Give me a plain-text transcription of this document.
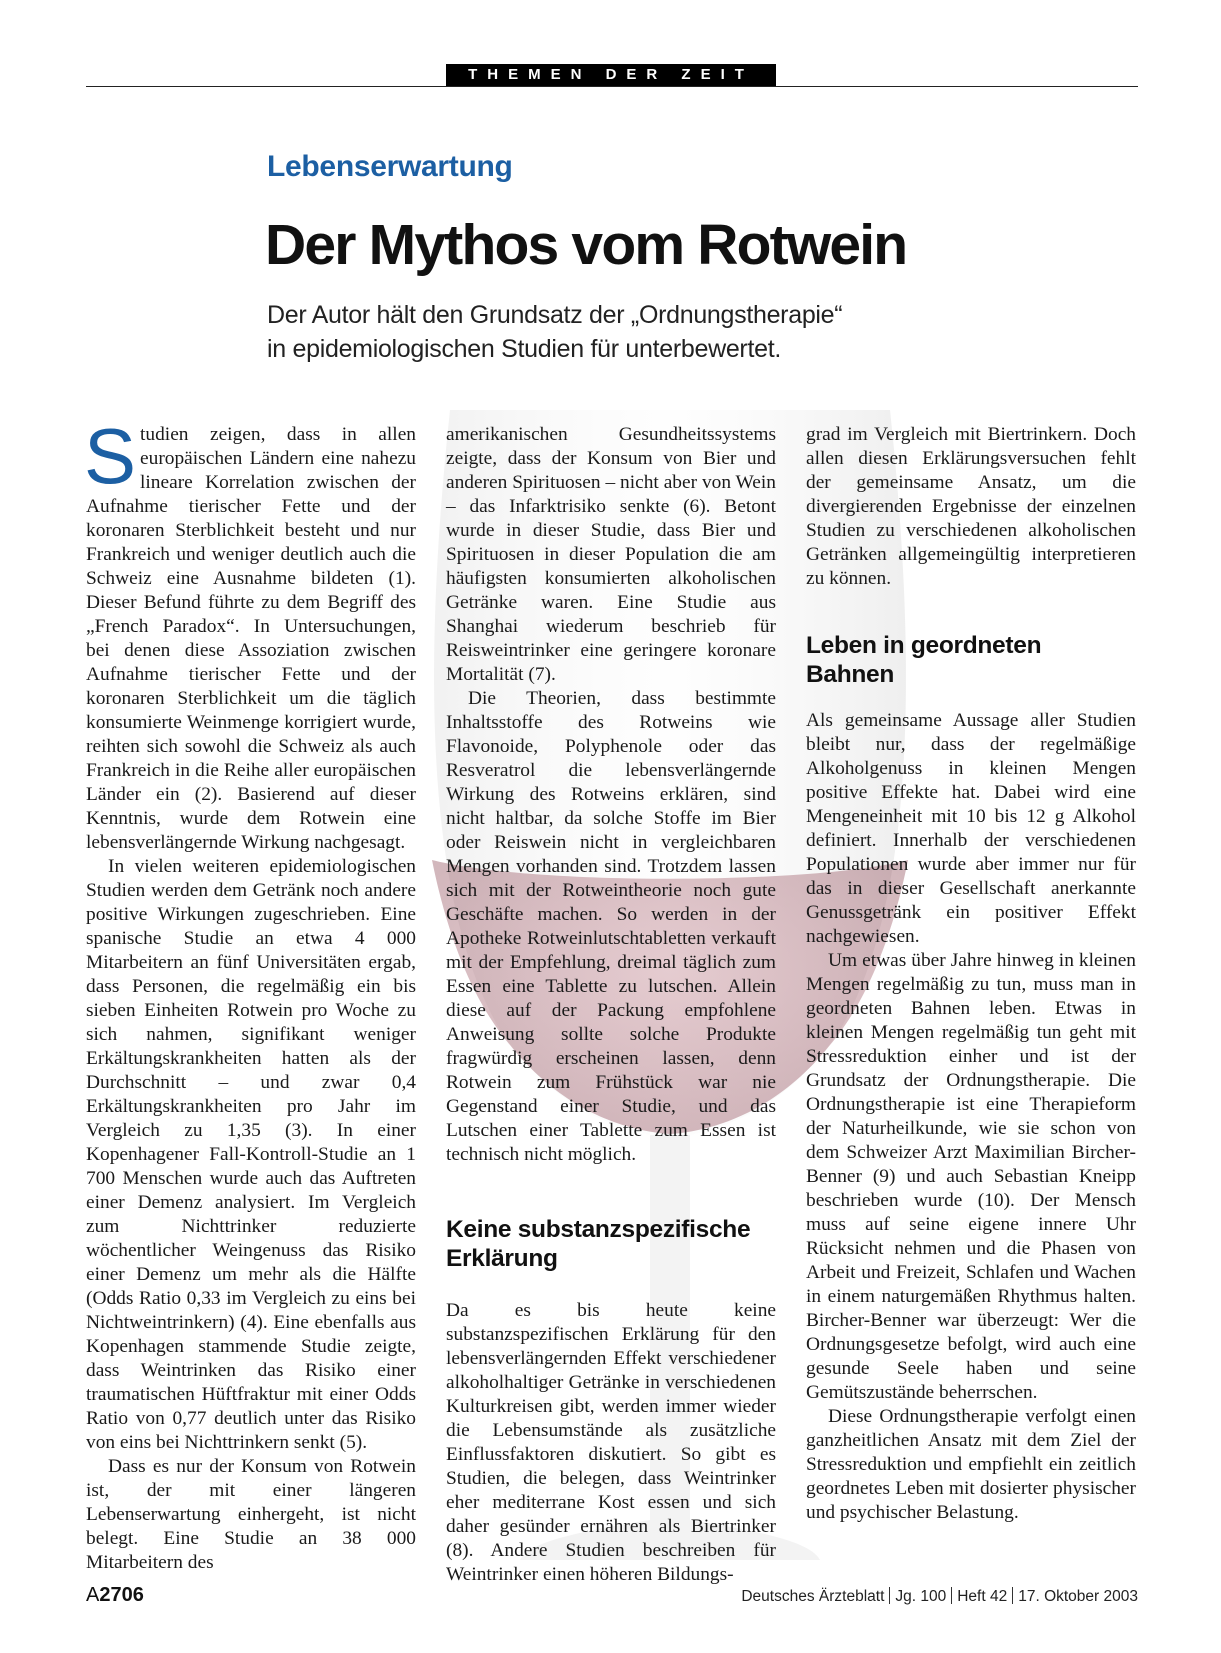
THEMEN DER ZEIT
Lebenserwartung
Der Mythos vom Rotwein
Der Autor hält den Grundsatz der „Ordnungstherapie“
in epidemiologischen Studien für unterbewertet.

Studien zeigen, dass in allen europäischen Ländern eine nahezu lineare Korrelation zwischen der Aufnahme tierischer Fette und der koronaren Sterblichkeit besteht und nur Frankreich und weniger deutlich auch die Schweiz eine Ausnahme bildeten (1). Dieser Befund führte zu dem Begriff des „French Paradox“. In Untersuchungen, bei denen diese Assoziation zwischen Aufnahme tierischer Fette und der koronaren Sterblichkeit um die täglich konsumierte Weinmenge korrigiert wurde, reihten sich sowohl die Schweiz als auch Frankreich in die Reihe aller europäischen Länder ein (2). Basierend auf dieser Kenntnis, wurde dem Rotwein eine lebensverlängernde Wirkung nachgesagt.

In vielen weiteren epidemiologischen Studien werden dem Getränk noch andere positive Wirkungen zugeschrieben. Eine spanische Studie an etwa 4 000 Mitarbeitern an fünf Universitäten ergab, dass Personen, die regelmäßig ein bis sieben Einheiten Rotwein pro Woche zu sich nahmen, signifikant weniger Erkältungskrankheiten hatten als der Durchschnitt – und zwar 0,4 Erkältungskrankheiten pro Jahr im Vergleich zu 1,35 (3). In einer Kopenhagener Fall-Kontroll-Studie an 1 700 Menschen wurde auch das Auftreten einer Demenz analysiert. Im Vergleich zum Nichttrinker reduzierte wöchentlicher Weingenuss das Risiko einer Demenz um mehr als die Hälfte (Odds Ratio 0,33 im Vergleich zu eins bei Nichtweintrinkern) (4). Eine ebenfalls aus Kopenhagen stammende Studie zeigte, dass Weintrinken das Risiko einer traumatischen Hüftfraktur mit einer Odds Ratio von 0,77 deutlich unter das Risiko von eins bei Nichttrinkern senkt (5).

Dass es nur der Konsum von Rotwein ist, der mit einer längeren Lebenserwartung einhergeht, ist nicht belegt. Eine Studie an 38 000 Mitarbeitern des

amerikanischen Gesundheitssystems zeigte, dass der Konsum von Bier und anderen Spirituosen – nicht aber von Wein – das Infarktrisiko senkte (6). Betont wurde in dieser Studie, dass Bier und Spirituosen in dieser Population die am häufigsten konsumierten alkoholischen Getränke waren. Eine Studie aus Shanghai wiederum beschrieb für Reisweintrinker eine geringere koronare Mortalität (7).

Die Theorien, dass bestimmte Inhaltsstoffe des Rotweins wie Flavonoide, Polyphenole oder das Resveratrol die lebensverlängernde Wirkung des Rotweins erklären, sind nicht haltbar, da solche Stoffe im Bier oder Reiswein nicht in vergleichbaren Mengen vorhanden sind. Trotzdem lassen sich mit der Rotweintheorie noch gute Geschäfte machen. So werden in der Apotheke Rotweinlutschtabletten verkauft mit der Empfehlung, dreimal täglich zum Essen eine Tablette zu lutschen. Allein diese auf der Packung empfohlene Anweisung sollte solche Produkte fragwürdig erscheinen lassen, denn Rotwein zum Frühstück war nie Gegenstand einer Studie, und das Lutschen einer Tablette zum Essen ist technisch nicht möglich.

Keine substanzspezifische Erklärung

Da es bis heute keine substanzspezifischen Erklärung für den lebensverlängernden Effekt verschiedener alkoholhaltiger Getränke in verschiedenen Kulturkreisen gibt, werden immer wieder die Lebensumstände als zusätzliche Einflussfaktoren diskutiert. So gibt es Studien, die belegen, dass Weintrinker eher mediterrane Kost essen und sich daher gesünder ernähren als Biertrinker (8). Andere Studien beschreiben für Weintrinker einen höheren Bildungs-

grad im Vergleich mit Biertrinkern. Doch allen diesen Erklärungsversuchen fehlt der gemeinsame Ansatz, um die divergierenden Ergebnisse der einzelnen Studien zu verschiedenen alkoholischen Getränken allgemeingültig interpretieren zu können.

Leben in geordneten Bahnen

Als gemeinsame Aussage aller Studien bleibt nur, dass der regelmäßige Alkoholgenuss in kleinen Mengen positive Effekte hat. Dabei wird eine Mengeneinheit mit 10 bis 12 g Alkohol definiert. Innerhalb der verschiedenen Populationen wurde aber immer nur für das in dieser Gesellschaft anerkannte Genussgetränk ein positiver Effekt nachgewiesen.

Um etwas über Jahre hinweg in kleinen Mengen regelmäßig zu tun, muss man in geordneten Bahnen leben. Etwas in kleinen Mengen regelmäßig tun geht mit Stressreduktion einher und ist der Grundsatz der Ordnungstherapie. Die Ordnungstherapie ist eine Therapieform der Naturheilkunde, wie sie schon von dem Schweizer Arzt Maximilian Bircher-Benner (9) und auch Sebastian Kneipp beschrieben wurde (10). Der Mensch muss auf seine eigene innere Uhr Rücksicht nehmen und die Phasen von Arbeit und Freizeit, Schlafen und Wachen in einem naturgemäßen Rhythmus halten. Bircher-Benner war überzeugt: Wer die Ordnungsgesetze befolgt, wird auch eine gesunde Seele haben und seine Gemütszustände beherrschen.

Diese Ordnungstherapie verfolgt einen ganzheitlichen Ansatz mit dem Ziel der Stressreduktion und empfiehlt ein zeitlich geordnetes Leben mit dosierter physischer und psychischer Belastung.

A2706	Deutsches Ärzteblatt Jg. 100 Heft 42 17. Oktober 2003
